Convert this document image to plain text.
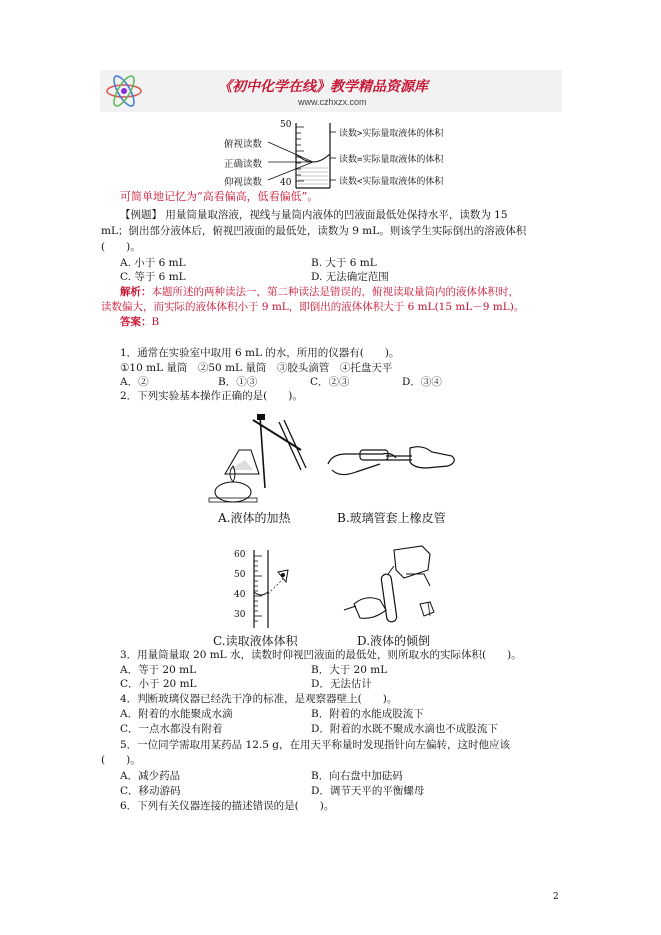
《初中化学在线》教学精品资源库
www.czhxzx.com
50
40
俯视读数
正确读数
仰视读数
读数>实际量取液体的体积
读数=实际量取液体的体积
读数<实际量取液体的体积
可简单地记忆为“高看偏高，低看偏低”。
【例题】 用量筒量取溶液，视线与量筒内液体的凹液面最低处保持水平，读数为 15
mL；倒出部分液体后，俯视凹液面的最低处，读数为 9 mL。则该学生实际倒出的溶液体积
(　　)。
A. 小于 6 mL	B. 大于 6 mL
C. 等于 6 mL	D. 无法确定范围
解析：本题所述的两种读法一，第二种读法是错误的，俯视读取量筒内的液体体积时，
读数偏大，而实际的液体体积小于 9 mL，即倒出的液体体积大于 6 mL(15 mL－9 mL)。
答案：B
1．通常在实验室中取用 6 mL 的水，所用的仪器有(　　)。
①10 mL 量筒　②50 mL 量筒　③胶头滴管　④托盘天平
A．②	B．①③	C．②③	D．③④
2．下列实验基本操作正确的是(　　)。
A.液体的加热	B.玻璃管套上橡皮管
60
50
40
30
C.读取液体体积	D.液体的倾倒
3．用量筒量取 20 mL 水，读数时仰视凹液面的最低处，则所取水的实际体积(　　)。
A．等于 20 mL	B．大于 20 mL
C．小于 20 mL	D．无法估计
4．判断玻璃仪器已经洗干净的标准，是观察器壁上(　　)。
A．附着的水能聚成水滴	B．附着的水能成股流下
C．一点水都没有附着	D．附着的水既不聚成水滴也不成股流下
5．一位同学需取用某药品 12.5 g，在用天平称量时发现指针向左偏转，这时他应该
(　　)。
A．减少药品	B．向右盘中加砝码
C．移动游码	D．调节天平的平衡螺母
6．下列有关仪器连接的描述错误的是(　　)。
2
